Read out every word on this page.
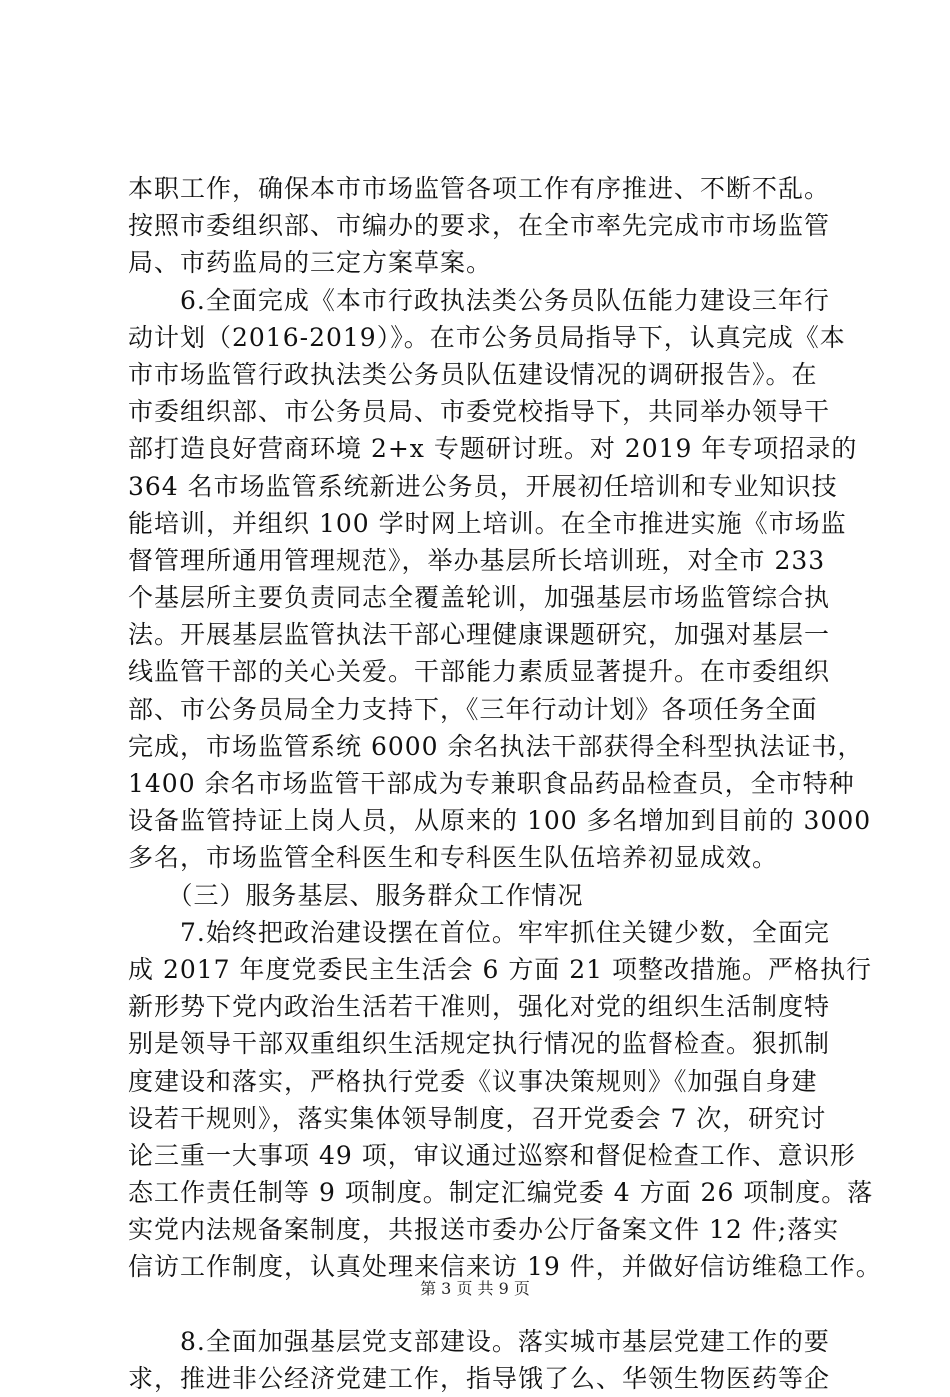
本职工作，确保本市市场监管各项工作有序推进、不断不乱。
按照市委组织部、市编办的要求，在全市率先完成市市场监管
局、市药监局的三定方案草案。
　　6.全面完成《本市行政执法类公务员队伍能力建设三年行
动计划（2016-2019）》。在市公务员局指导下，认真完成《本
市市场监管行政执法类公务员队伍建设情况的调研报告》。在
市委组织部、市公务员局、市委党校指导下，共同举办领导干
部打造良好营商环境 2+x 专题研讨班。对 2019 年专项招录的
364 名市场监管系统新进公务员，开展初任培训和专业知识技
能培训，并组织 100 学时网上培训。在全市推进实施《市场监
督管理所通用管理规范》，举办基层所长培训班，对全市 233
个基层所主要负责同志全覆盖轮训，加强基层市场监管综合执
法。开展基层监管执法干部心理健康课题研究，加强对基层一
线监管干部的关心关爱。干部能力素质显著提升。在市委组织
部、市公务员局全力支持下，《三年行动计划》各项任务全面
完成，市场监管系统 6000 余名执法干部获得全科型执法证书，
1400 余名市场监管干部成为专兼职食品药品检查员，全市特种
设备监管持证上岗人员，从原来的 100 多名增加到目前的 3000
多名，市场监管全科医生和专科医生队伍培养初显成效。
　　（三）服务基层、服务群众工作情况
　　7.始终把政治建设摆在首位。牢牢抓住关键少数，全面完
成 2017 年度党委民主生活会 6 方面 21 项整改措施。严格执行
新形势下党内政治生活若干准则，强化对党的组织生活制度特
别是领导干部双重组织生活规定执行情况的监督检查。狠抓制
度建设和落实，严格执行党委《议事决策规则》《加强自身建
设若干规则》，落实集体领导制度，召开党委会 7 次，研究讨
论三重一大事项 49 项，审议通过巡察和督促检查工作、意识形
态工作责任制等 9 项制度。制定汇编党委 4 方面 26 项制度。落
实党内法规备案制度，共报送市委办公厅备案文件 12 件;落实
信访工作制度，认真处理来信来访 19 件，并做好信访维稳工作。
　　8.全面加强基层党支部建设。落实城市基层党建工作的要
求，推进非公经济党建工作，指导饿了么、华领生物医药等企
第 3 页 共 9 页
